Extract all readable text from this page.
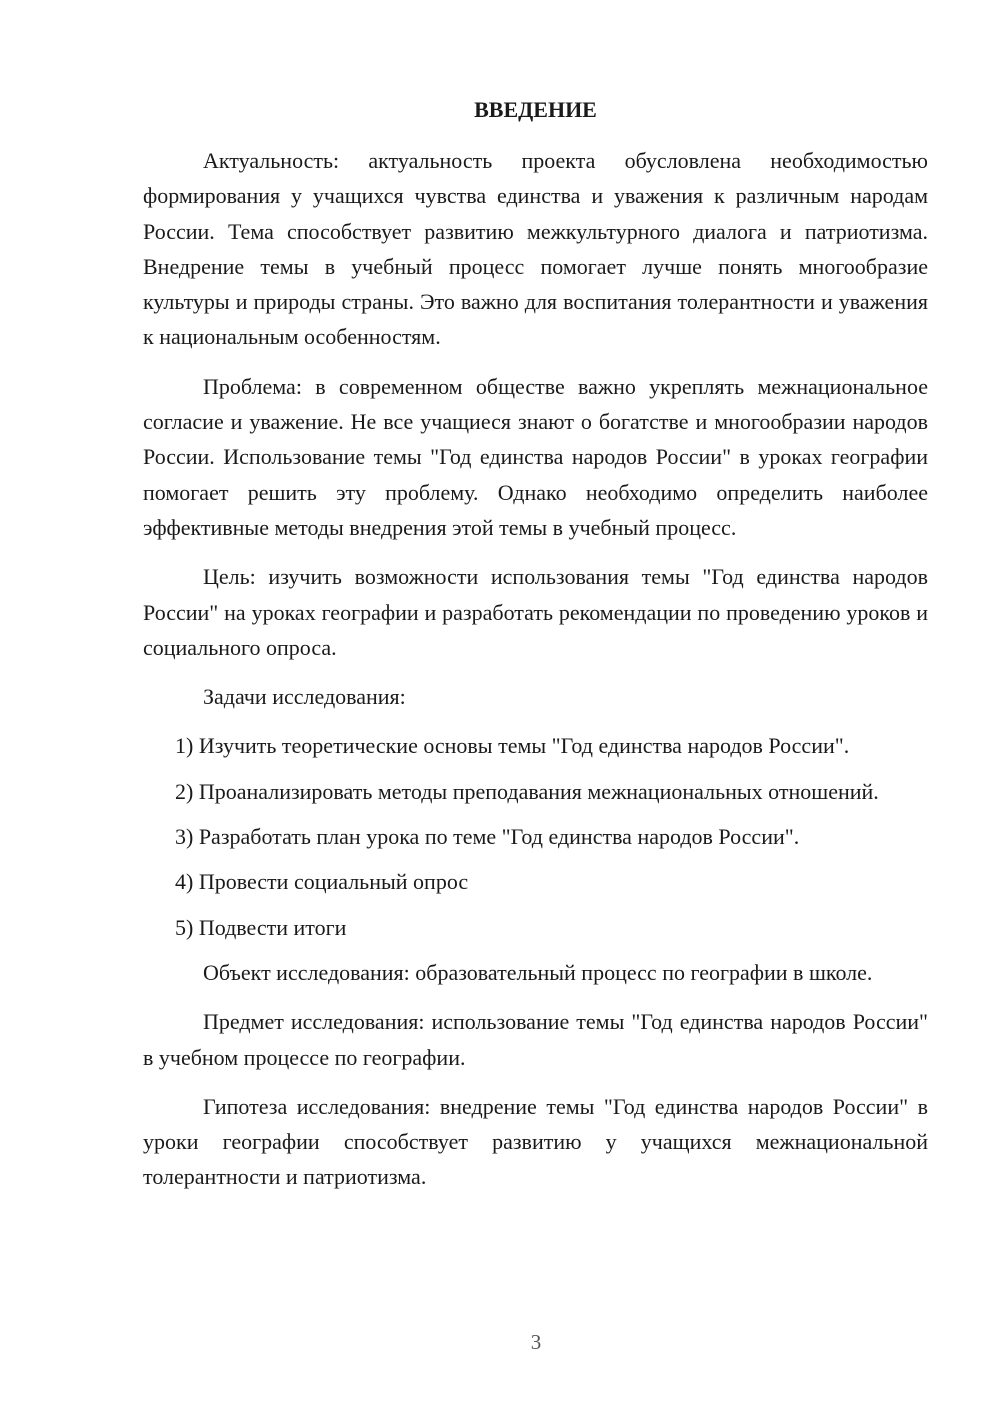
ВВЕДЕНИЕ

Актуальность: актуальность проекта обусловлена необходимостью формирования у учащихся чувства единства и уважения к различным народам России. Тема способствует развитию межкультурного диалога и патриотизма. Внедрение темы в учебный процесс помогает лучше понять многообразие культуры и природы страны. Это важно для воспитания толерантности и уважения к национальным особенностям.

Проблема: в современном обществе важно укреплять межнациональное согласие и уважение. Не все учащиеся знают о богатстве и многообразии народов России. Использование темы "Год единства народов России" в уроках географии помогает решить эту проблему. Однако необходимо определить наиболее эффективные методы внедрения этой темы в учебный процесс.

Цель: изучить возможности использования темы "Год единства народов России" на уроках географии и разработать рекомендации по проведению уроков и социального опроса.

Задачи исследования:

1) Изучить теоретические основы темы "Год единства народов России".

2) Проанализировать методы преподавания межнациональных отношений.

3) Разработать план урока по теме "Год единства народов России".

4) Провести социальный опрос

5) Подвести итоги

Объект исследования: образовательный процесс по географии в школе.

Предмет исследования: использование темы "Год единства народов России" в учебном процессе по географии.

Гипотеза исследования: внедрение темы "Год единства народов России" в уроки географии способствует развитию у учащихся межнациональной толерантности и патриотизма.

3
